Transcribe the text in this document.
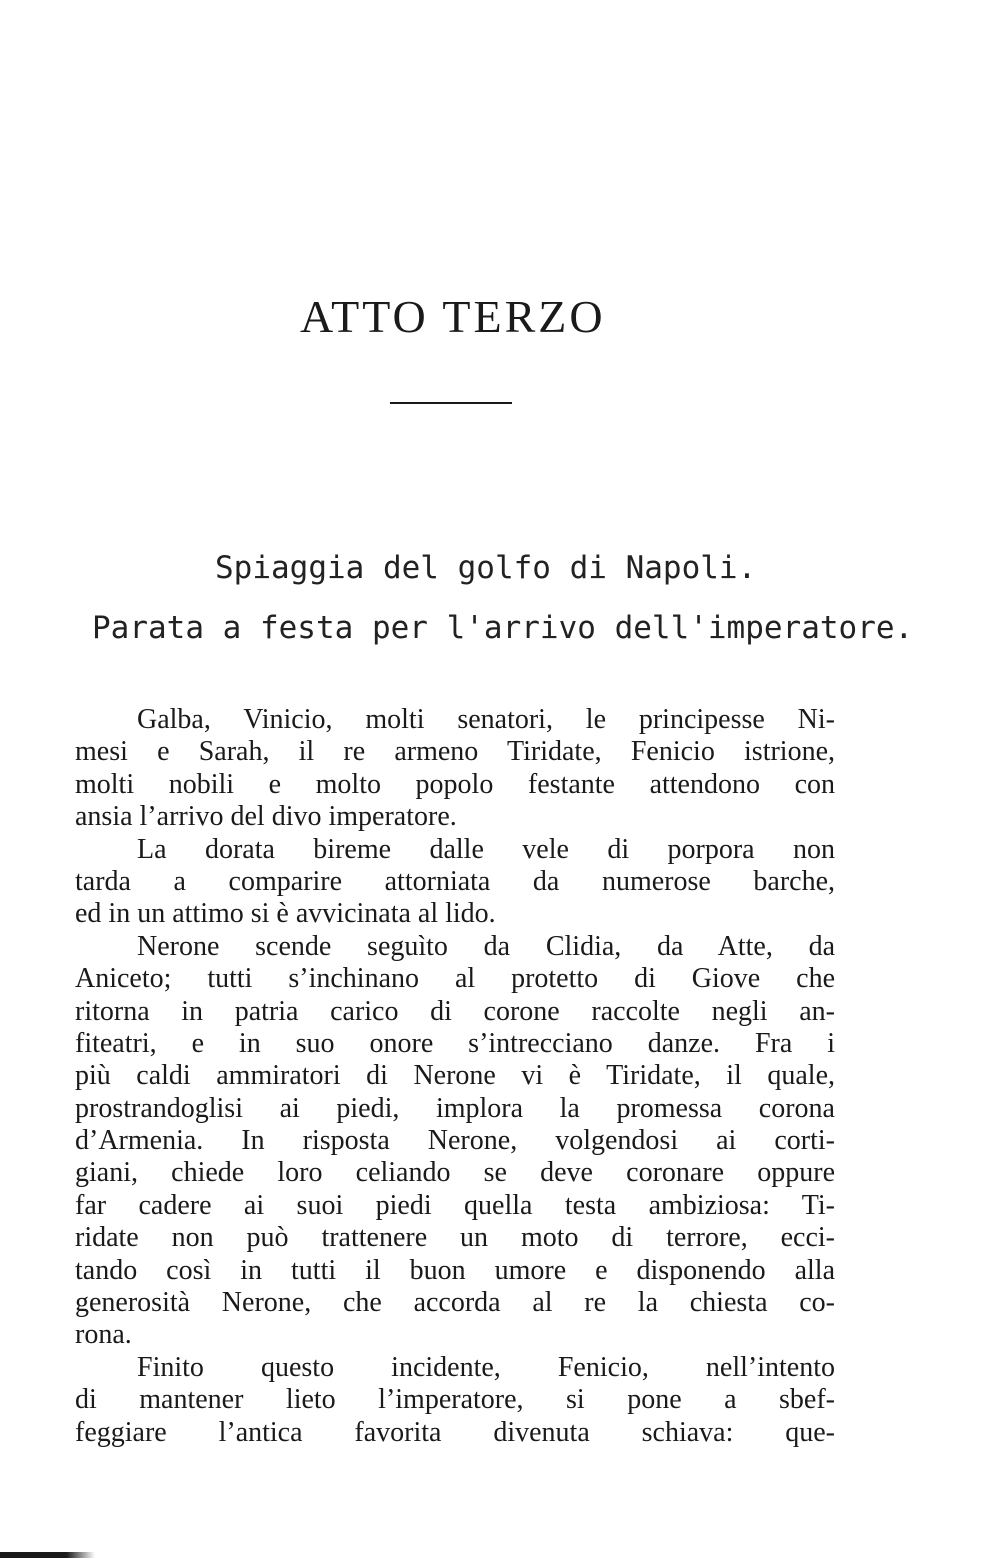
ATTO TERZO

Spiaggia del golfo di Napoli.

Parata a festa per l'arrivo dell'imperatore.

Galba, Vinicio, molti senatori, le principesse Ni-
mesi e Sarah, il re armeno Tiridate, Fenicio istrione,
molti nobili e molto popolo festante attendono con
ansia l’arrivo del divo imperatore.
La dorata bireme dalle vele di porpora non
tarda a comparire attorniata da numerose barche,
ed in un attimo si è avvicinata al lido.
Nerone scende seguìto da Clidia, da Atte, da
Aniceto; tutti s’inchinano al protetto di Giove che
ritorna in patria carico di corone raccolte negli an-
fiteatri, e in suo onore s’intrecciano danze. Fra i
più caldi ammiratori di Nerone vi è Tiridate, il quale,
prostrandoglisi ai piedi, implora la promessa corona
d’Armenia. In risposta Nerone, volgendosi ai corti-
giani, chiede loro celiando se deve coronare oppure
far cadere ai suoi piedi quella testa ambiziosa: Ti-
ridate non può trattenere un moto di terrore, ecci-
tando così in tutti il buon umore e disponendo alla
generosità Nerone, che accorda al re la chiesta co-
rona.
Finito questo incidente, Fenicio, nell’intento
di mantener lieto l’imperatore, si pone a sbef-
feggiare l’antica favorita divenuta schiava: que-
